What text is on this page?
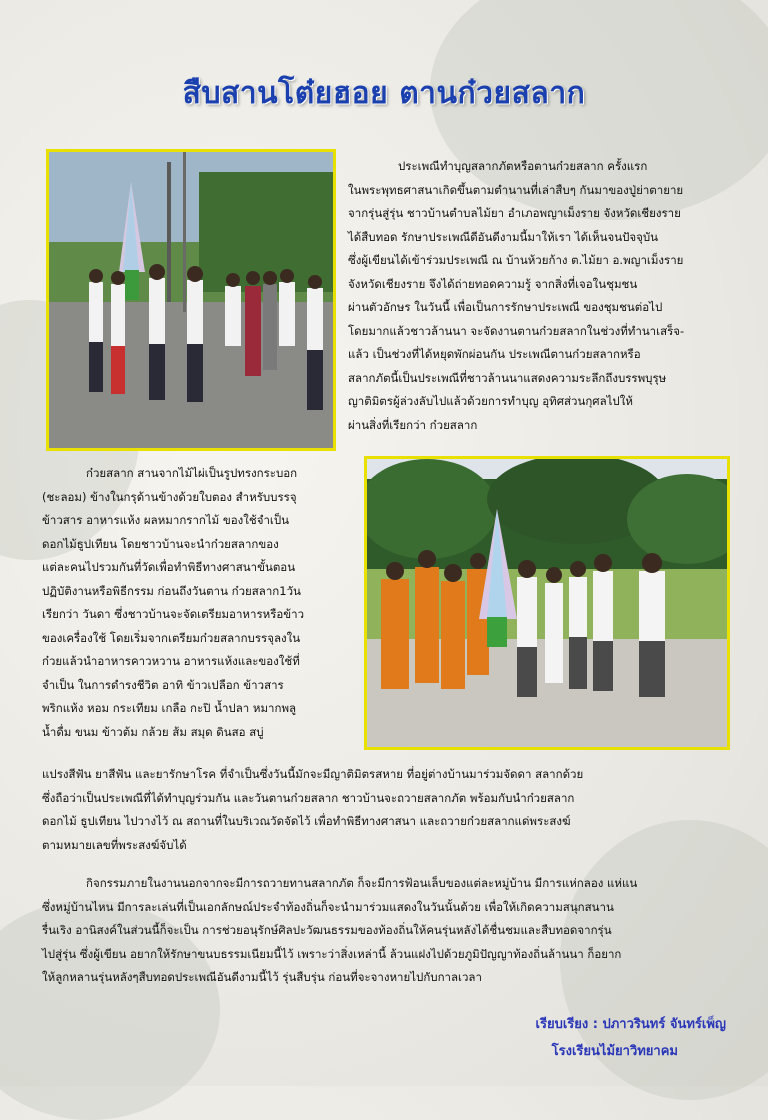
สืบสานโต๋ยฮอย ตานก๋วยสลาก
ประเพณีทำบุญสลากภัตหรือตานก๋วยสลาก ครั้งแรก
ในพระพุทธศาสนาเกิดขึ้นตามตำนานที่เล่าสืบๆ กันมาของปู่ย่าตายาย
จากรุ่นสู่รุ่น ชาวบ้านตำบลไม้ยา อำเภอพญาเม็งราย จังหวัดเชียงราย
ได้สืบทอด รักษาประเพณีดีอันดีงามนี้มาให้เรา ได้เห็นจนปัจจุบัน
ซึ่งผู้เขียนได้เข้าร่วมประเพณี ณ บ้านห้วยก้าง ต.ไม้ยา อ.พญาเม็งราย
จังหวัดเชียงราย จึงได้ถ่ายทอดความรู้ จากสิ่งที่เจอในชุมชน
ผ่านตัวอักษร ในวันนี้ เพื่อเป็นการรักษาประเพณี ของชุมชนต่อไป
โดยมากแล้วชาวล้านนา จะจัดงานตานก๋วยสลากในช่วงที่ทำนาเสร็จ-
แล้ว เป็นช่วงที่ได้หยุดพักผ่อนกัน ประเพณีตานก๋วยสลากหรือ
สลากภัตนี้เป็นประเพณีที่ชาวล้านนาแสดงความระลึกถึงบรรพบุรุษ
ญาติมิตรผู้ล่วงลับไปแล้วด้วยการทำบุญ อุทิศส่วนกุศลไปให้
ผ่านสิ่งที่เรียกว่า ก๋วยสลาก
ก๋วยสลาก สานจากไม้ไผ่เป็นรูปทรงกระบอก
(ชะลอม) ข้างในกรุด้านข้างด้วยใบตอง สำหรับบรรจุ
ข้าวสาร อาหารแห้ง ผลหมากรากไม้ ของใช้จำเป็น
ดอกไม้ธูปเทียน โดยชาวบ้านจะนำก๋วยสลากของ
แต่ละคนไปรวมกันที่วัดเพื่อทำพิธีทางศาสนาขั้นตอน
ปฏิบัติงานหรือพิธีกรรม ก่อนถึงวันตาน ก๋วยสลาก1วัน
เรียกว่า วันดา ซึ่งชาวบ้านจะจัดเตรียมอาหารหรือข้าว
ของเครื่องใช้ โดยเริ่มจากเตรียมก๋วยสลากบรรจุลงใน
ก๋วยแล้วนำอาหารคาวหวาน อาหารแห้งและของใช้ที่
จำเป็น ในการดำรงชีวิต อาทิ ข้าวเปลือก ข้าวสาร
พริกแห้ง หอม กระเทียม เกลือ กะปิ น้ำปลา หมากพลู
น้ำดื่ม ขนม ข้าวต้ม กล้วย ส้ม สมุด ดินสอ สบู่
แปรงสีฟัน ยาสีฟัน และยารักษาโรค ที่จำเป็นซึ่งวันนี้มักจะมีญาติมิตรสหาย ที่อยู่ต่างบ้านมาร่วมจัดดา สลากด้วย
ซึ่งถือว่าเป็นประเพณีที่ได้ทำบุญร่วมกัน และวันตานก๋วยสลาก ชาวบ้านจะถวายสลากภัต พร้อมกับนำก๋วยสลาก
ดอกไม้ ธูปเทียน ไปวางไว้ ณ สถานที่ในบริเวณวัดจัดไว้ เพื่อทำพิธีทางศาสนา และถวายก๋วยสลากแด่พระสงฆ์
ตามหมายเลขที่พระสงฆ์จับได้
กิจกรรมภายในงานนอกจากจะมีการถวายทานสลากภัต ก็จะมีการฟ้อนเล็บของแต่ละหมู่บ้าน มีการแห่กลอง แห่แน
ซึ่งหมู่บ้านไหน มีการละเล่นที่เป็นเอกลักษณ์ประจำท้องถิ่นก็จะนำมาร่วมแสดงในวันนั้นด้วย เพื่อให้เกิดความสนุกสนาน
รื่นเริง อานิสงค์ในส่วนนี้ก็จะเป็น การช่วยอนุรักษ์ศิลปะวัฒนธรรมของท้องถิ่นให้คนรุ่นหลังได้ชื่นชมและสืบทอดจากรุ่น
ไปสู่รุ่น ซึ่งผู้เขียน อยากให้รักษาขนบธรรมเนียมนี้ไว้ เพราะว่าสิ่งเหล่านี้ ล้วนแฝงไปด้วยภูมิปัญญาท้องถิ่นล้านนา ก็อยาก
ให้ลูกหลานรุ่นหลังๆสืบทอดประเพณีอันดีงามนี้ไว้ รุ่นสืบรุ่น ก่อนที่จะจางหายไปกับกาลเวลา
เรียบเรียง : ปภาวรินทร์ จันทร์เพ็ญ
โรงเรียนไม้ยาวิทยาคม
